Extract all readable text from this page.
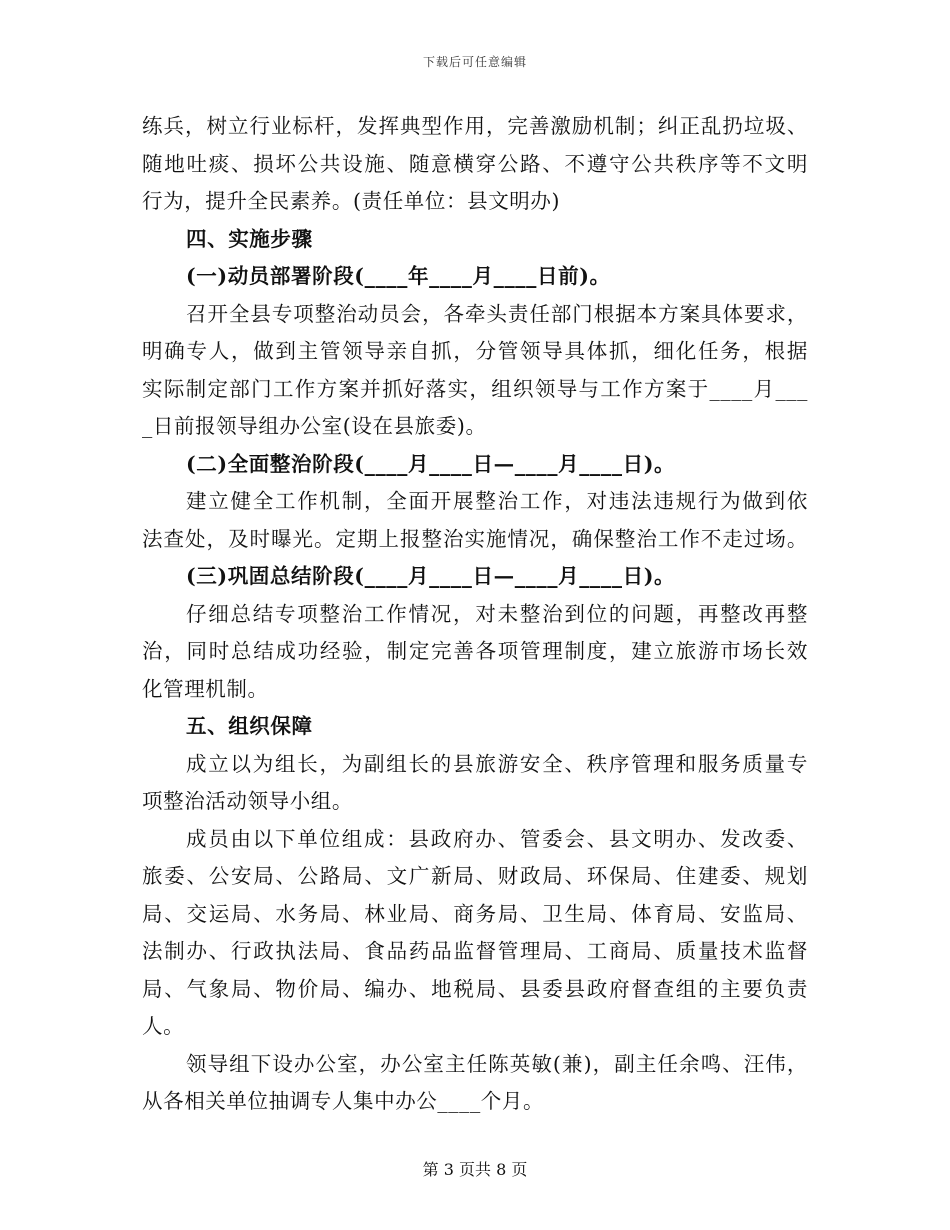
下载后可任意编辑
练兵，树立行业标杆，发挥典型作用，完善激励机制；纠正乱扔垃圾、
随地吐痰、损坏公共设施、随意横穿公路、不遵守公共秩序等不文明
行为，提升全民素养。(责任单位：县文明办)
四、实施步骤
(一)动员部署阶段(____年____月____日前)。
召开全县专项整治动员会，各牵头责任部门根据本方案具体要求，
明确专人，做到主管领导亲自抓，分管领导具体抓，细化任务，根据
实际制定部门工作方案并抓好落实，组织领导与工作方案于____月___
_日前报领导组办公室(设在县旅委)。
(二)全面整治阶段(____月____日—____月____日)。
建立健全工作机制，全面开展整治工作，对违法违规行为做到依
法查处，及时曝光。定期上报整治实施情况，确保整治工作不走过场。
(三)巩固总结阶段(____月____日—____月____日)。
仔细总结专项整治工作情况，对未整治到位的问题，再整改再整
治，同时总结成功经验，制定完善各项管理制度，建立旅游市场长效
化管理机制。
五、组织保障
成立以为组长，为副组长的县旅游安全、秩序管理和服务质量专
项整治活动领导小组。
成员由以下单位组成：县政府办、管委会、县文明办、发改委、
旅委、公安局、公路局、文广新局、财政局、环保局、住建委、规划
局、交运局、水务局、林业局、商务局、卫生局、体育局、安监局、
法制办、行政执法局、食品药品监督管理局、工商局、质量技术监督
局、气象局、物价局、编办、地税局、县委县政府督查组的主要负责
人。
领导组下设办公室，办公室主任陈英敏(兼)，副主任余鸣、汪伟，
从各相关单位抽调专人集中办公____个月。
第 3 页共 8 页
